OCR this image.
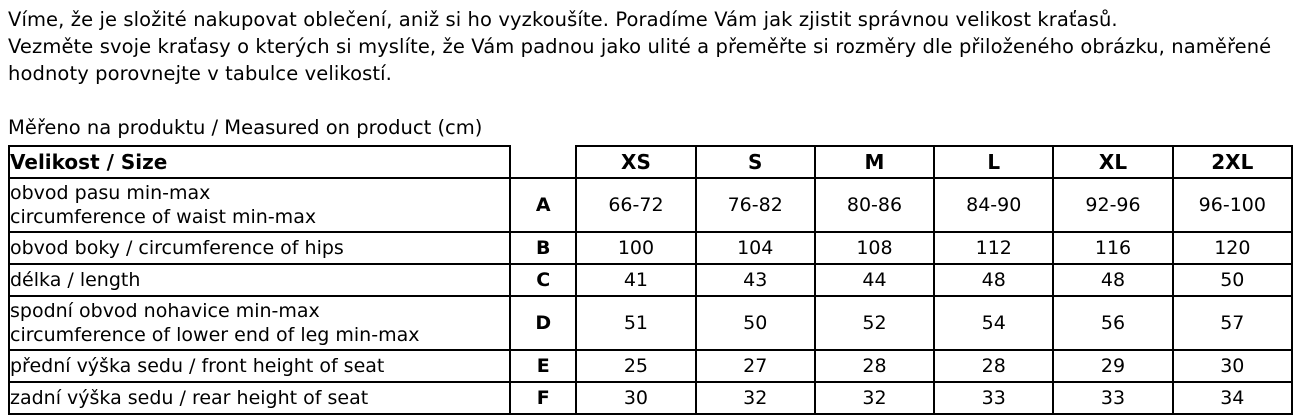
Víme, že je složité nakupovat oblečení, aniž si ho vyzkoušíte. Poradíme Vám jak zjistit správnou velikost kraťasů.

Vezměte svoje kraťasy o kterých si myslíte, že Vám padnou jako ulité a přeměřte si rozměry dle přiloženého obrázku, naměřené

hodnoty porovnejte v tabulce velikostí.

Měřeno na produktu / Measured on product (cm)
Velikost / Size		XS	S	M	L	XL	2XL

obvod pasu min-max
circumference of waist min-max	A	66-72	76-82	80-86	84-90	92-96	96-100
obvod boky / circumference of hips	B	100	104	108	112	116	120
délka / length	C	41	43	44	48	48	50

spodní obvod nohavice min-max
circumference of lower end of leg min-max	D	51	50	52	54	56	57
přední výška sedu / front height of seat	E	25	27	28	28	29	30
zadní výška sedu / rear height of seat	F	30	32	32	33	33	34
